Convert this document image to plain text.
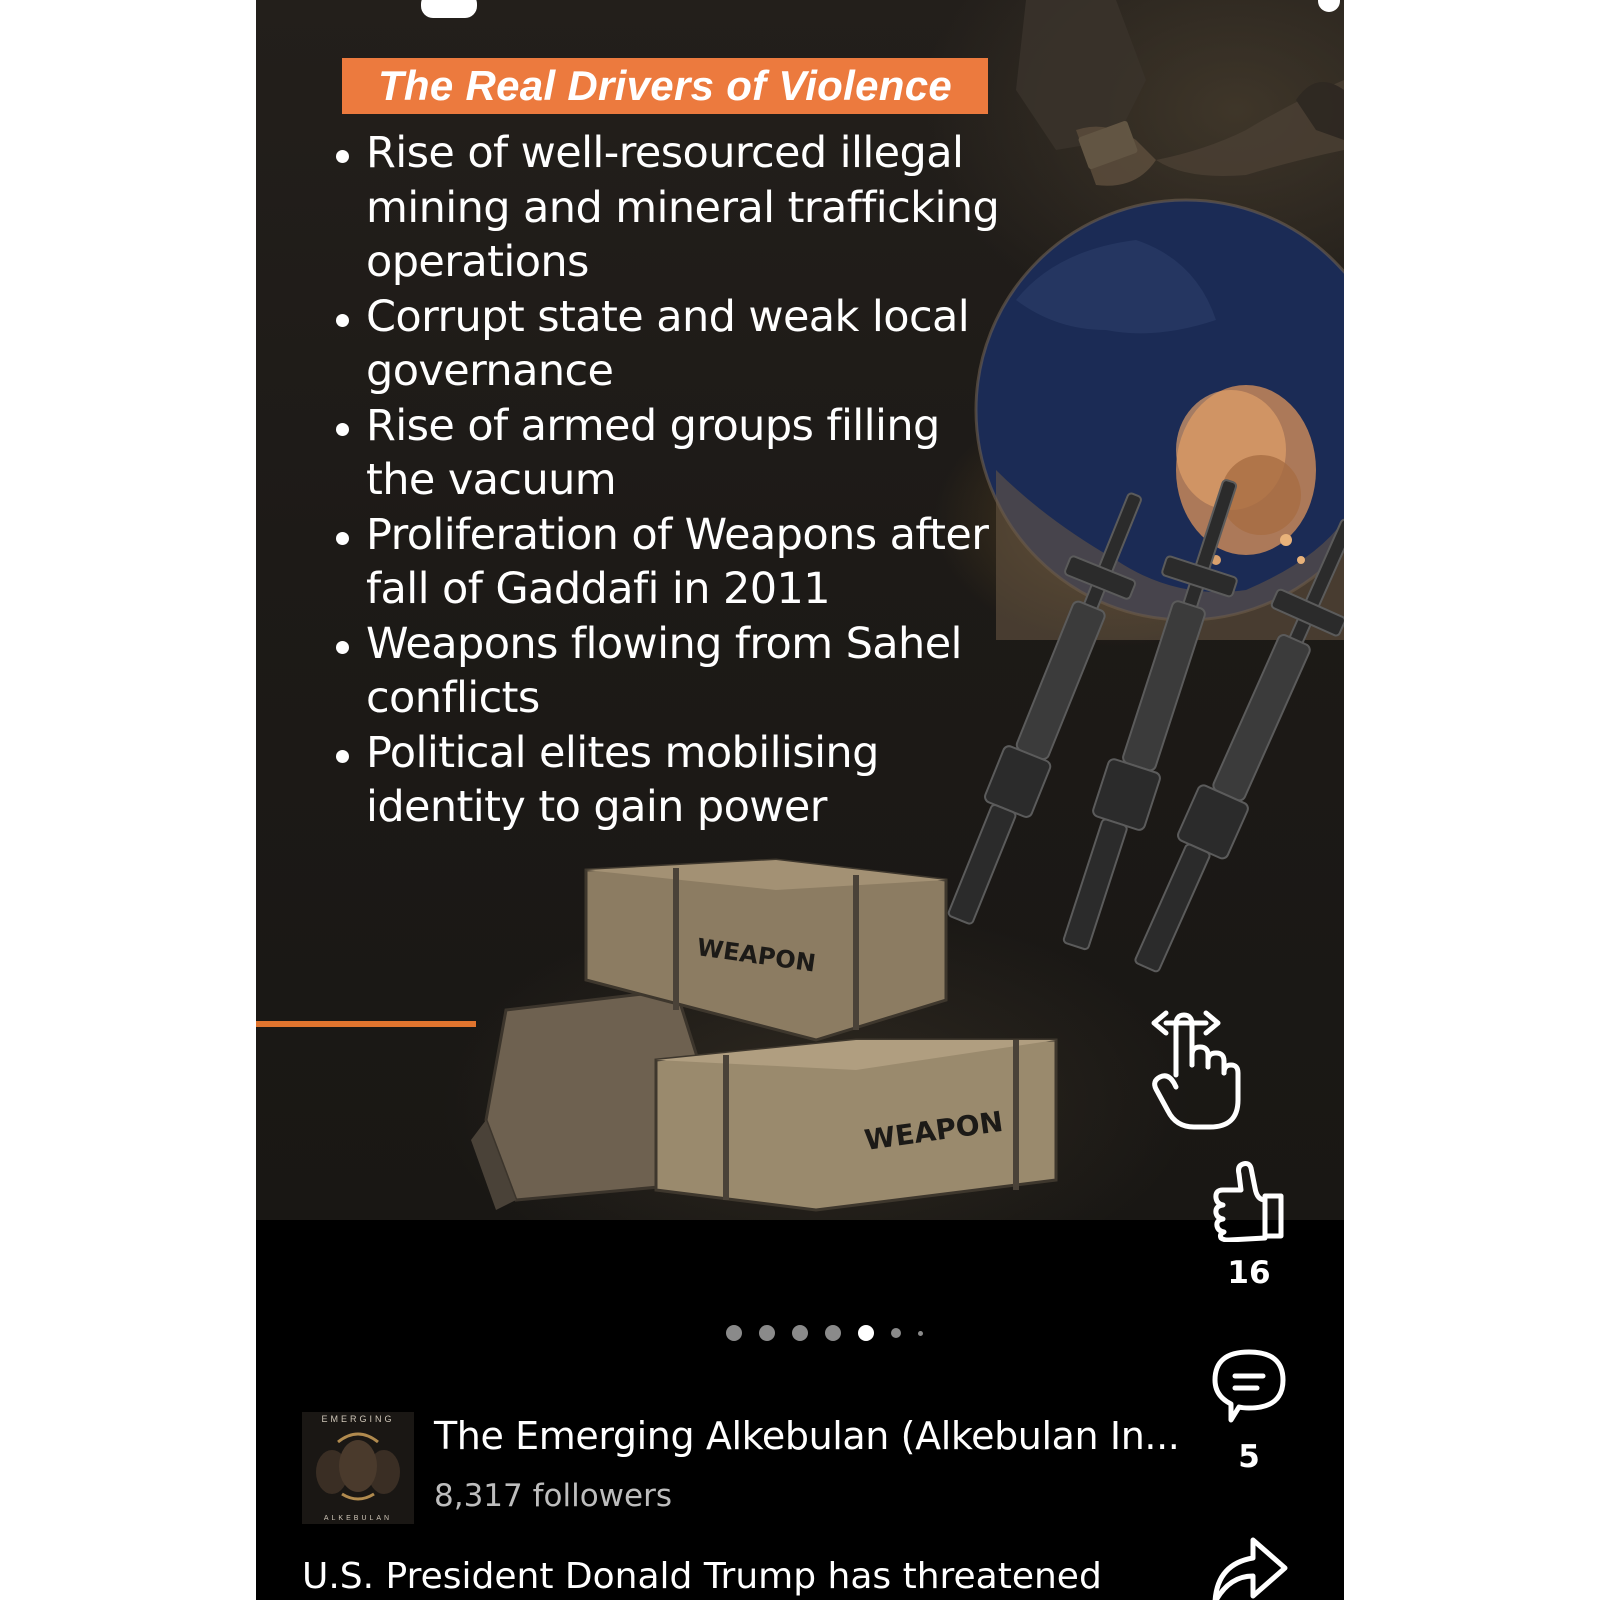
WEAPON
WEAPON
The Real Drivers of Violence
Rise of well-resourced illegal
mining and mineral trafficking
operations
Corrupt state and weak local
governance
Rise of armed groups filling
the vacuum
Proliferation of Weapons after
fall of Gaddafi in 2011
Weapons flowing from Sahel
conflicts
Political elites mobilising
identity to gain power
16
5
EMERGING
ALKEBULAN
The Emerging Alkebulan (Alkebulan In...
8,317 followers
U.S. President Donald Trump has threatened
